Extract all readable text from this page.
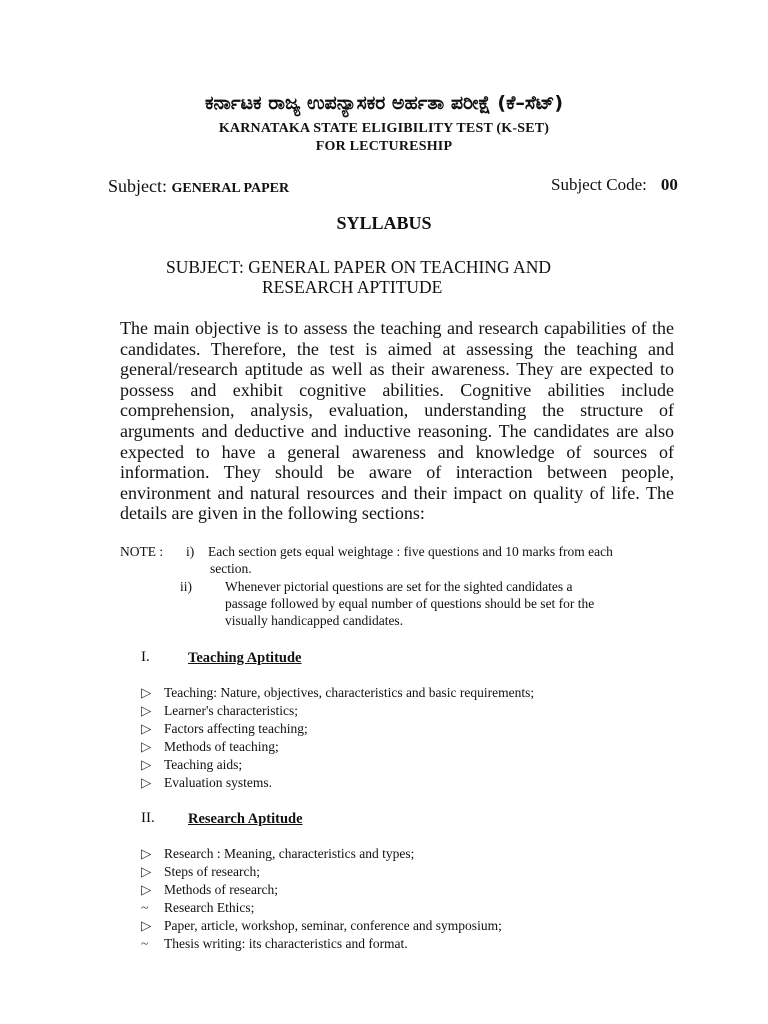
ಕರ್ನಾಟಕ ರಾಜ್ಯ ಉಪನ್ಯಾಸಕರ ಅರ್ಹತಾ ಪರೀಕ್ಷೆ (ಕೆ–ಸೆಟ್)
KARNATAKA STATE ELIGIBILITY TEST (K-SET)
FOR LECTURESHIP
Subject: GENERAL PAPER	Subject Code: 00
SYLLABUS
SUBJECT: GENERAL PAPER ON TEACHING AND
RESEARCH APTITUDE
The main objective is to assess the teaching and research capabilities of the candidates. Therefore, the test is aimed at assessing the teaching and general/research aptitude as well as their awareness. They are expected to possess and exhibit cognitive abilities. Cognitive abilities include comprehension, analysis, evaluation, understanding the structure of arguments and deductive and inductive reasoning. The candidates are also expected to have a general awareness and knowledge of sources of information. They should be aware of interaction between people, environment and natural resources and their impact on quality of life. The details are given in the following sections:
NOTE : i) Each section gets equal weightage : five questions and 10 marks from each
section.
ii) Whenever pictorial questions are set for the sighted candidates a
passage followed by equal number of questions should be set for the
visually handicapped candidates.
I.	Teaching Aptitude
▷ Teaching: Nature, objectives, characteristics and basic requirements;
▷ Learner's characteristics;
▷ Factors affecting teaching;
▷ Methods of teaching;
▷ Teaching aids;
▷ Evaluation systems.
II. Research Aptitude
▷ Research : Meaning, characteristics and types;
▷ Steps of research;
▷ Methods of research;
~	Research Ethics;
▷ Paper, article, workshop, seminar, conference and symposium;
~	Thesis writing: its characteristics and format.
